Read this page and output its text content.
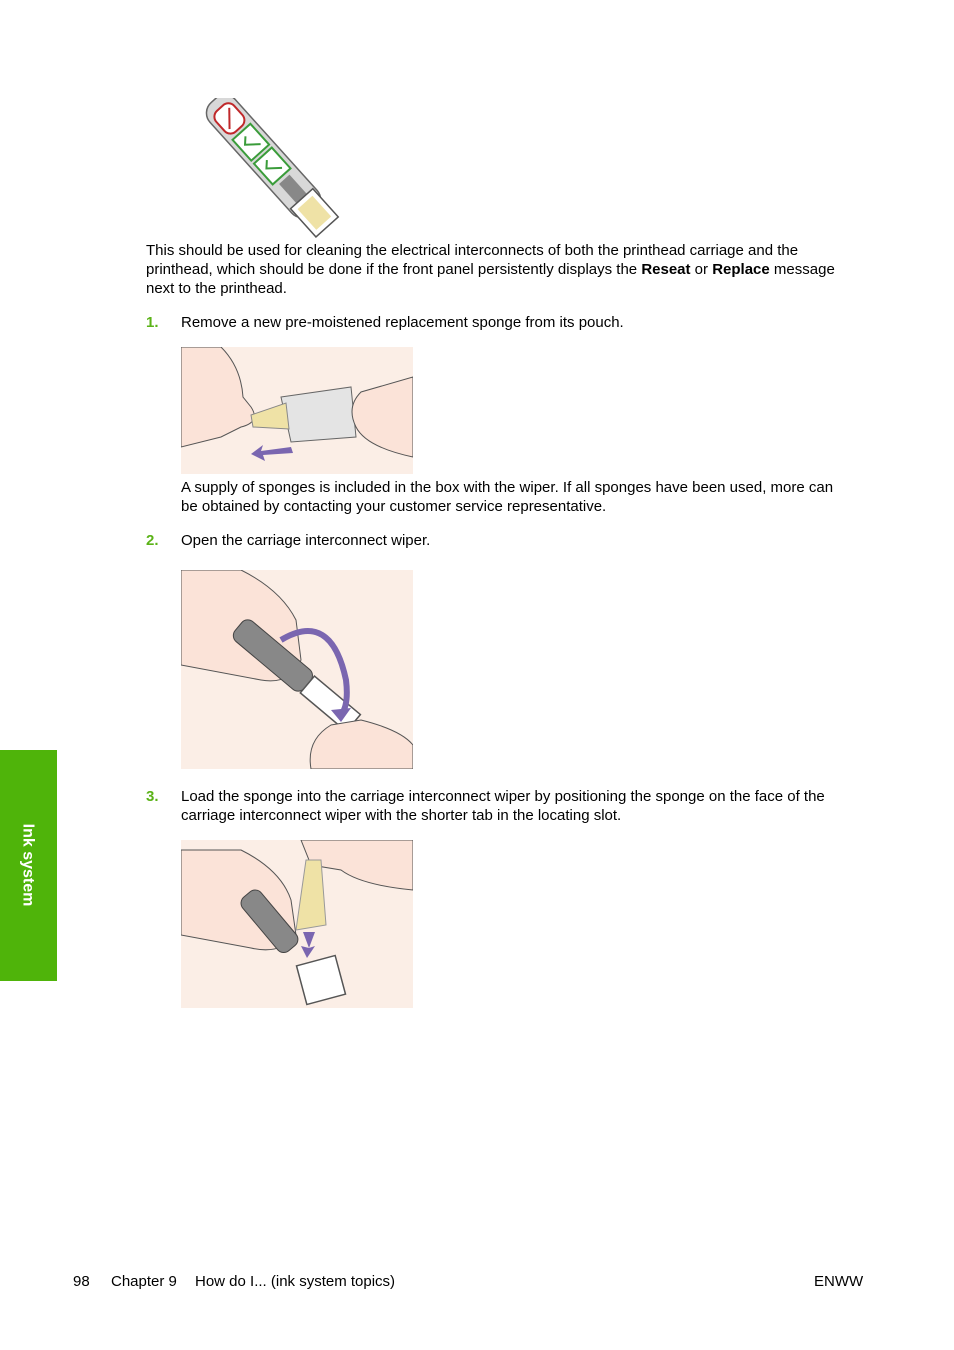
This should be used for cleaning the electrical interconnects of both the printhead carriage and the
printhead, which should be done if the front panel persistently displays the Reseat or Replace message
next to the printhead.
1. Remove a new pre-moistened replacement sponge from its pouch.
A supply of sponges is included in the box with the wiper. If all sponges have been used, more can
be obtained by contacting your customer service representative.
2. Open the carriage interconnect wiper.
3. Load the sponge into the carriage interconnect wiper by positioning the sponge on the face of the
carriage interconnect wiper with the shorter tab in the locating slot.
Ink system
98 Chapter 9 How do I... (ink system topics)	ENWW
